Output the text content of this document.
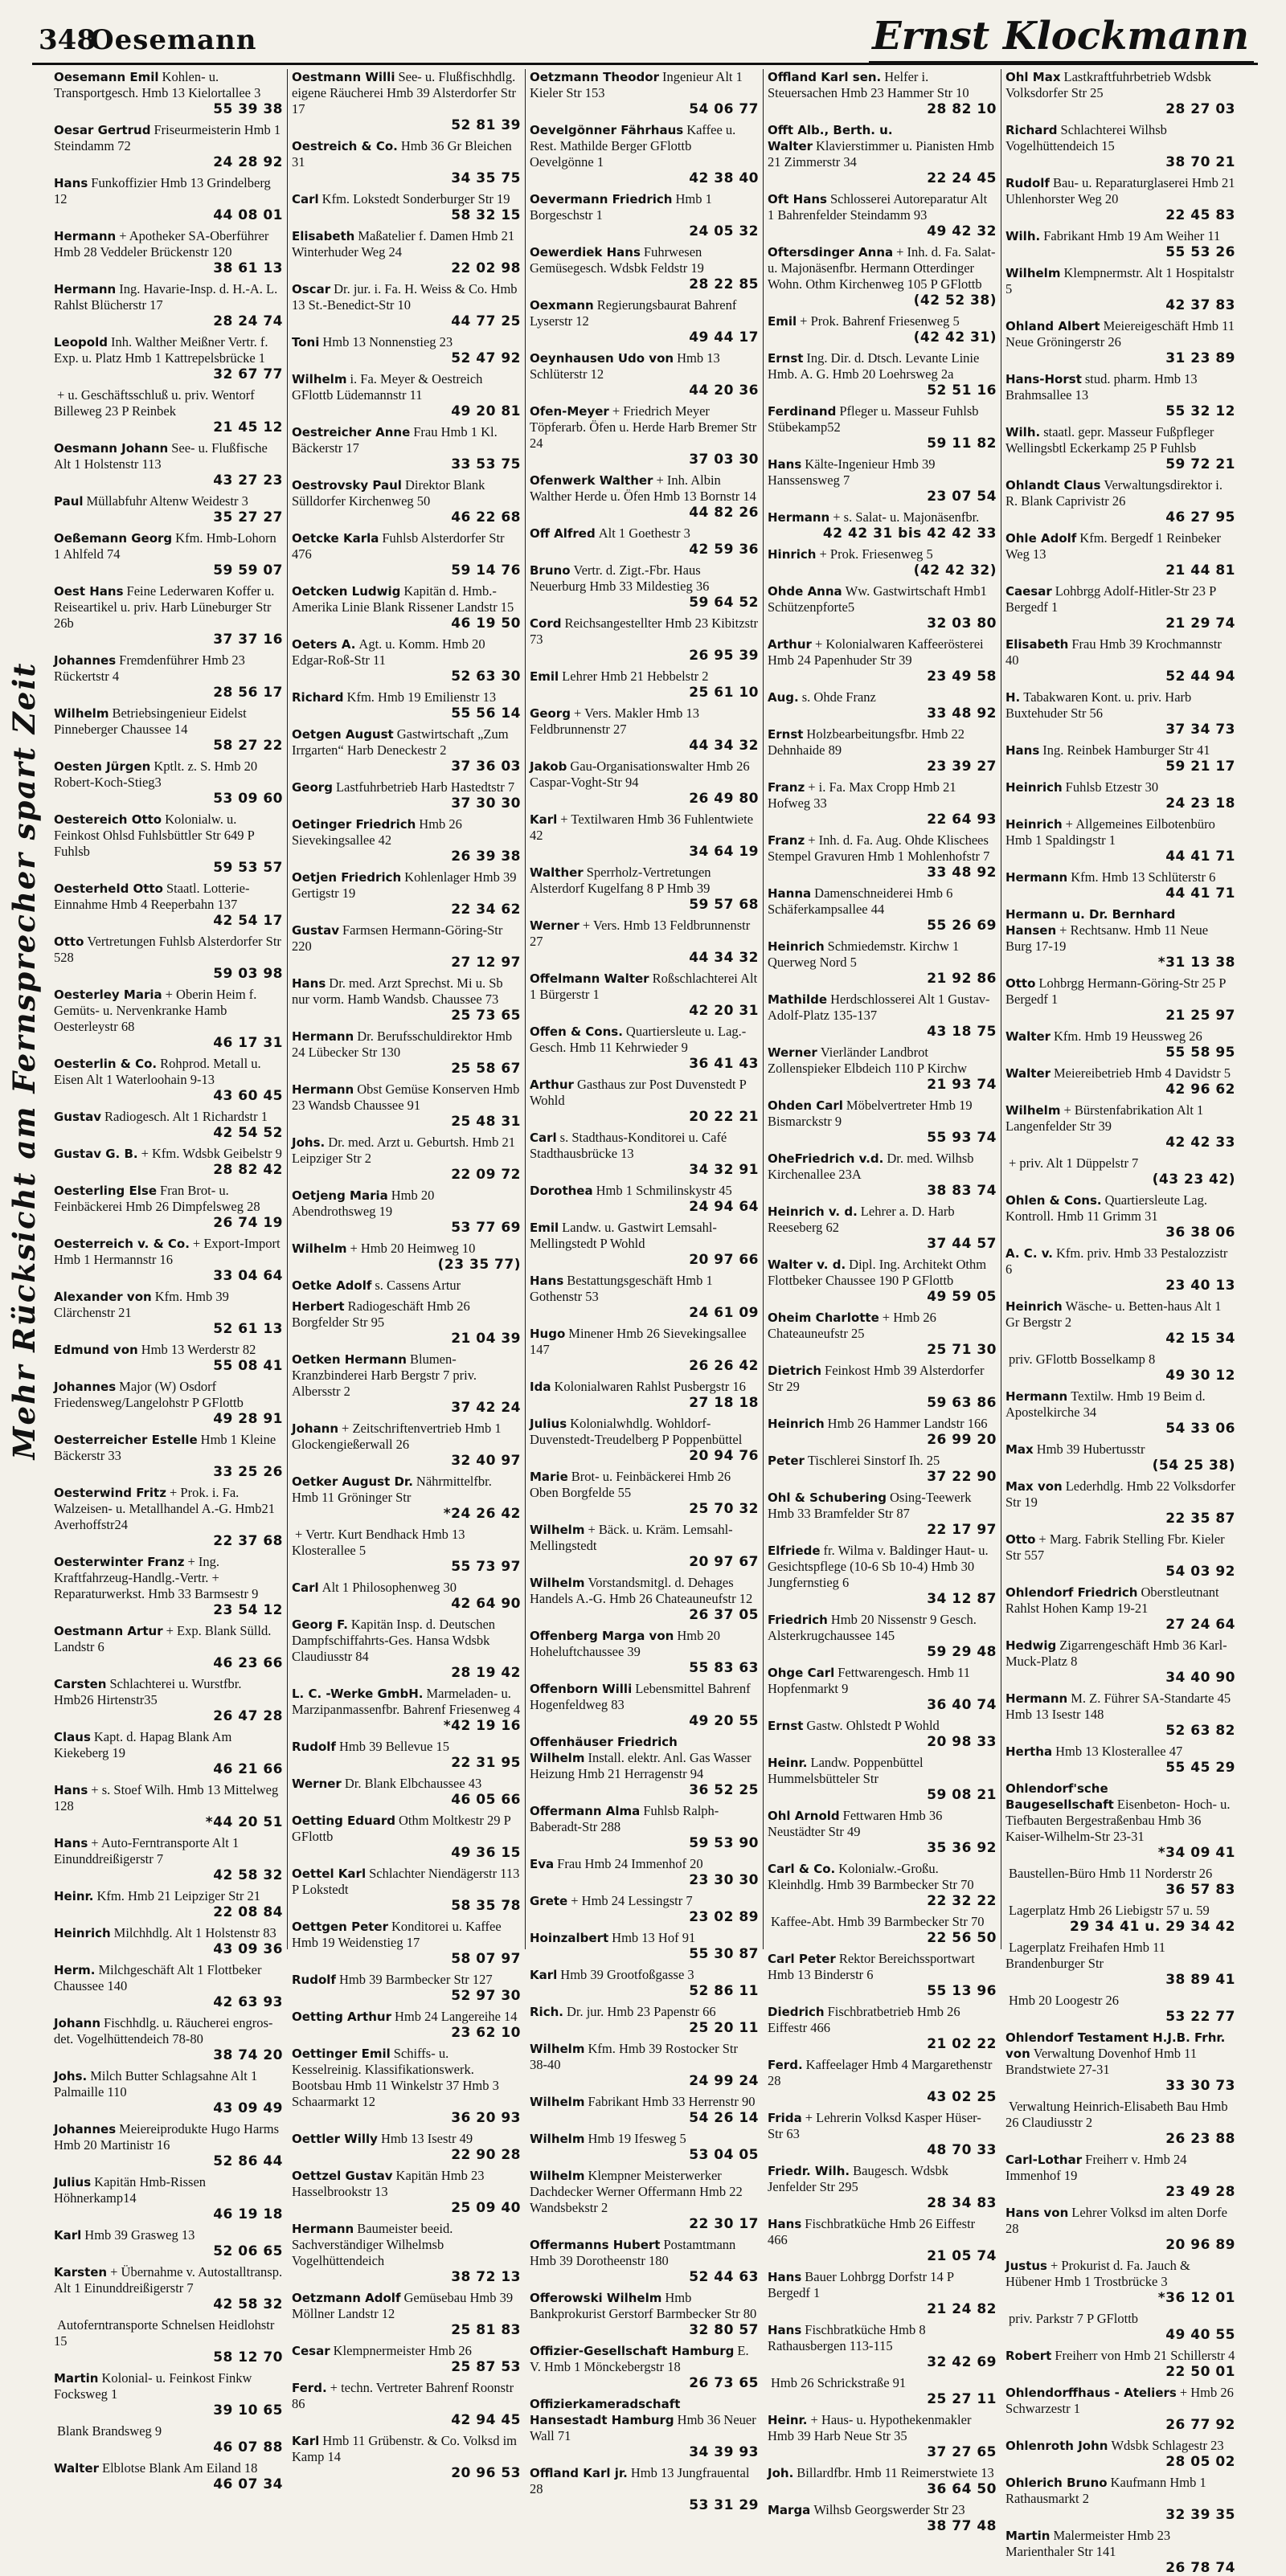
348
Oesemann	Ernst Klockmann
Mehr Rücksicht am Fernsprecher spart Zeit
Oesemann Emil Kohlen- u. Transportgesch. Hmb 13 Kielortallee 3
55 39 38
Oesar Gertrud Friseurmeisterin Hmb 1 Steindamm 72
24 28 92
Hans Funkoffizier Hmb 13 Grindelberg 12
44 08 01
Hermann + Apotheker SA-Oberführer Hmb 28 Veddeler Brückenstr 120
38 61 13
Hermann Ing. Havarie-Insp. d. H.-A. L. Rahlst Blücherstr 17
28 24 74
Leopold Inh. Walther Meißner Vertr. f. Exp. u. Platz Hmb 1 Kattrepelsbrücke 1
32 67 77
+ u. Geschäftsschluß u. priv. Wentorf Billeweg 23 P Reinbek
21 45 12
Oesmann Johann See- u. Flußfische Alt 1 Holstenstr 113
43 27 23
Paul Müllabfuhr Altenw Weidestr 3
35 27 27
Oeßemann Georg Kfm. Hmb-Lohorn 1 Ahlfeld 74
59 59 07
Oest Hans Feine Lederwaren Koffer u. Reiseartikel u. priv. Harb Lüneburger Str 26b
37 37 16
Johannes Fremdenführer Hmb 23 Rückertstr 4
28 56 17
Wilhelm Betriebsingenieur Eidelst Pinneberger Chaussee 14
58 27 22
Oesten Jürgen Kptlt. z. S. Hmb 20 Robert-Koch-Stieg3
53 09 60
Oestereich Otto Kolonialw. u. Feinkost Ohlsd Fuhlsbüttler Str 649 P Fuhlsb
59 53 57
Oesterheld Otto Staatl. Lotterie-Einnahme Hmb 4 Reeperbahn 137
42 54 17
Otto Vertretungen Fuhlsb Alsterdorfer Str 528
59 03 98
Oesterley Maria + Oberin Heim f. Gemüts- u. Nervenkranke Hamb Oesterleystr 68
46 17 31
Oesterlin & Co. Rohprod. Metall u. Eisen Alt 1 Waterloohain 9-13
43 60 45
Gustav Radiogesch. Alt 1 Richardstr 1
42 54 52
Gustav G. B. + Kfm. Wdsbk Geibelstr 9
28 82 42
Oesterling Else Fran Brot- u. Feinbäckerei Hmb 26 Dimpfelsweg 28
26 74 19
Oesterreich v. & Co. + Export-Import Hmb 1 Hermannstr 16
33 04 64
Alexander von Kfm. Hmb 39 Clärchenstr 21
52 61 13
Edmund von Hmb 13 Werderstr 82
55 08 41
Johannes Major (W) Osdorf Friedensweg/Langelohstr P GFlottb
49 28 91
Oesterreicher Estelle Hmb 1 Kleine Bäckerstr 33
33 25 26
Oesterwind Fritz + Prok. i. Fa. Walzeisen- u. Metallhandel A.-G. Hmb21 Averhoffstr24
22 37 68
Oesterwinter Franz + Ing. Kraftfahrzeug-Handlg.-Vertr. + Reparaturwerkst. Hmb 33 Barmsestr 9
23 54 12
Oestmann Artur + Exp. Blank Sülld. Landstr 6
46 23 66
Carsten Schlachterei u. Wurstfbr. Hmb26 Hirtenstr35
26 47 28
Claus Kapt. d. Hapag Blank Am Kiekeberg 19
46 21 66
Hans + s. Stoef Wilh. Hmb 13 Mittelweg 128
*44 20 51
Hans + Auto-Ferntransporte Alt 1 Einunddreißigerstr 7
42 58 32
Heinr. Kfm. Hmb 21 Leipziger Str 21
22 08 84
Heinrich Milchhdlg. Alt 1 Holstenstr 83
43 09 36
Herm. Milchgeschäft Alt 1 Flottbeker Chaussee 140
42 63 93
Johann Fischhdlg. u. Räucherei engros-det. Vogelhüttendeich 78-80
38 74 20
Johs. Milch Butter Schlagsahne Alt 1 Palmaille 110
43 09 49
Johannes Meiereiprodukte Hugo Harms Hmb 20 Martinistr 16
52 86 44
Julius Kapitän Hmb-Rissen Höhnerkamp14
46 19 18
Karl Hmb 39 Grasweg 13
52 06 65
Karsten + Übernahme v. Autostalltransp. Alt 1 Einunddreißigerstr 7
42 58 32
Autoferntransporte Schnelsen Heidlohstr 15
58 12 70
Martin Kolonial- u. Feinkost Finkw Focksweg 1
39 10 65
Blank Brandsweg 9
46 07 88
Walter Elblotse Blank Am Eiland 18
46 07 34
Oestmann Willi See- u. Flußfischhdlg. eigene Räucherei Hmb 39 Alsterdorfer Str 17
52 81 39
Oestreich & Co. Hmb 36 Gr Bleichen 31
34 35 75
Carl Kfm. Lokstedt Sonderburger Str 19
58 32 15
Elisabeth Maßatelier f. Damen Hmb 21 Winterhuder Weg 24
22 02 98
Oscar Dr. jur. i. Fa. H. Weiss & Co. Hmb 13 St.-Benedict-Str 10
44 77 25
Toni Hmb 13 Nonnenstieg 23
52 47 92
Wilhelm i. Fa. Meyer & Oestreich GFlottb Lüdemannstr 11
49 20 81
Oestreicher Anne Frau Hmb 1 Kl. Bäckerstr 17
33 53 75
Oestrovsky Paul Direktor Blank Sülldorfer Kirchenweg 50
46 22 68
Oetcke Karla Fuhlsb Alsterdorfer Str 476
59 14 76
Oetcken Ludwig Kapitän d. Hmb.-Amerika Linie Blank Rissener Landstr 15
46 19 50
Oeters A. Agt. u. Komm. Hmb 20 Edgar-Roß-Str 11
52 63 30
Richard Kfm. Hmb 19 Emilienstr 13
55 56 14
Oetgen August Gastwirtschaft „Zum Irrgarten“ Harb Deneckestr 2
37 36 03
Georg Lastfuhrbetrieb Harb Hastedtstr 7
37 30 30
Oetinger Friedrich Hmb 26 Sievekingsallee 42
26 39 38
Oetjen Friedrich Kohlenlager Hmb 39 Gertigstr 19
22 34 62
Gustav Farmsen Hermann-Göring-Str 220
27 12 97
Hans Dr. med. Arzt Sprechst. Mi u. Sb nur vorm. Hamb Wandsb. Chaussee 73
25 73 65
Hermann Dr. Berufsschuldirektor Hmb 24 Lübecker Str 130
25 58 67
Hermann Obst Gemüse Konserven Hmb 23 Wandsb Chaussee 91
25 48 31
Johs. Dr. med. Arzt u. Geburtsh. Hmb 21 Leipziger Str 2
22 09 72
Oetjeng Maria Hmb 20 Abendrothsweg 19
53 77 69
Wilhelm + Hmb 20 Heimweg 10
(23 35 77)
Oetke Adolf s. Cassens Artur
Herbert Radiogeschäft Hmb 26 Borgfelder Str 95
21 04 39
Oetken Hermann Blumen- Kranzbinderei Harb Bergstr 7 priv. Albersstr 2
37 42 24
Johann + Zeitschriftenvertrieb Hmb 1 Glockengießerwall 26
32 40 97
Oetker August Dr. Nährmittelfbr. Hmb 11 Gröninger Str
*24 26 42
+ Vertr. Kurt Bendhack Hmb 13 Klosterallee 5
55 73 97
Carl Alt 1 Philosophenweg 30
42 64 90
Georg F. Kapitän Insp. d. Deutschen Dampfschiffahrts-Ges. Hansa Wdsbk Claudiusstr 84
28 19 42
L. C. -Werke GmbH. Marmeladen- u. Marzipanmassenfbr. Bahrenf Friesenweg 4
*42 19 16
Rudolf Hmb 39 Bellevue 15
22 31 95
Werner Dr. Blank Elbchaussee 43
46 05 66
Oetting Eduard Othm Moltkestr 29 P GFlottb
49 36 15
Oettel Karl Schlachter Niendägerstr 113 P Lokstedt
58 35 78
Oettgen Peter Konditorei u. Kaffee Hmb 19 Weidenstieg 17
58 07 97
Rudolf Hmb 39 Barmbecker Str 127
52 97 30
Oetting Arthur Hmb 24 Langereihe 14
23 62 10
Oettinger Emil Schiffs- u. Kesselreinig. Klassifikationswerk. Bootsbau Hmb 11 Winkelstr 37 Hmb 3 Schaarmarkt 12
36 20 93
Oettler Willy Hmb 13 Isestr 49
22 90 28
Oettzel Gustav Kapitän Hmb 23 Hasselbrookstr 13
25 09 40
Hermann Baumeister beeid. Sachverständiger Wilhelmsb Vogelhüttendeich
38 72 13
Oetzmann Adolf Gemüsebau Hmb 39 Möllner Landstr 12
25 81 83
Cesar Klempnermeister Hmb 26
25 87 53
Ferd. + techn. Vertreter Bahrenf Roonstr 86
42 94 45
Karl Hmb 11 Grübenstr. & Co. Volksd im Kamp 14
20 96 53
Oetzmann Theodor Ingenieur Alt 1 Kieler Str 153
54 06 77
Oevelgönner Fährhaus Kaffee u. Rest. Mathilde Berger GFlottb Oevelgönne 1
42 38 40
Oevermann Friedrich Hmb 1 Borgeschstr 1
24 05 32
Oewerdiek Hans Fuhrwesen Gemüsegesch. Wdsbk Feldstr 19
28 22 85
Oexmann Regierungsbaurat Bahrenf Lyserstr 12
49 44 17
Oeynhausen Udo von Hmb 13 Schlüterstr 12
44 20 36
Ofen-Meyer + Friedrich Meyer Töpferarb. Öfen u. Herde Harb Bremer Str 24
37 03 30
Ofenwerk Walther + Inh. Albin Walther Herde u. Öfen Hmb 13 Bornstr 14
44 82 26
Off Alfred Alt 1 Goethestr 3
42 59 36
Bruno Vertr. d. Zigt.-Fbr. Haus Neuerburg Hmb 33 Mildestieg 36
59 64 52
Cord Reichsangestellter Hmb 23 Kibitzstr 73
26 95 39
Emil Lehrer Hmb 21 Hebbelstr 2
25 61 10
Georg + Vers. Makler Hmb 13 Feldbrunnenstr 27
44 34 32
Jakob Gau-Organisationswalter Hmb 26 Caspar-Voght-Str 94
26 49 80
Karl + Textilwaren Hmb 36 Fuhlentwiete 42
34 64 19
Walther Sperrholz-Vertretungen Alsterdorf Kugelfang 8 P Hmb 39
59 57 68
Werner + Vers. Hmb 13 Feldbrunnenstr 27
44 34 32
Offelmann Walter Roßschlachterei Alt 1 Bürgerstr 1
42 20 31
Offen & Cons. Quartiersleute u. Lag.-Gesch. Hmb 11 Kehrwieder 9
36 41 43
Arthur Gasthaus zur Post Duvenstedt P Wohld
20 22 21
Carl s. Stadthaus-Konditorei u. Café Stadthausbrücke 13
34 32 91
Dorothea Hmb 1 Schmilinskystr 45
24 94 64
Emil Landw. u. Gastwirt Lemsahl-Mellingstedt P Wohld
20 97 66
Hans Bestattungsgeschäft Hmb 1 Gothenstr 53
24 61 09
Hugo Minener Hmb 26 Sievekingsallee 147
26 26 42
Ida Kolonialwaren Rahlst Pusbergstr 16
27 18 18
Julius Kolonialwhdlg. Wohldorf-Duvenstedt-Treudelberg P Poppenbüttel
20 94 76
Marie Brot- u. Feinbäckerei Hmb 26 Oben Borgfelde 55
25 70 32
Wilhelm + Bäck. u. Kräm. Lemsahl-Mellingstedt
20 97 67
Wilhelm Vorstandsmitgl. d. Dehages Handels A.-G. Hmb 26 Chateauneufstr 12
26 37 05
Offenberg Marga von Hmb 20 Hoheluftchaussee 39
55 83 63
Offenborn Willi Lebensmittel Bahrenf Hogenfeldweg 83
49 20 55
Offenhäuser Friedrich Wilhelm Install. elektr. Anl. Gas Wasser Heizung Hmb 21 Herragenstr 94
36 52 25
Offermann Alma Fuhlsb Ralph-Baberadt-Str 288
59 53 90
Eva Frau Hmb 24 Immenhof 20
23 30 30
Grete + Hmb 24 Lessingstr 7
23 02 89
Hoinzalbert Hmb 13 Hof 91
55 30 87
Karl Hmb 39 Grootfoßgasse 3
52 86 11
Rich. Dr. jur. Hmb 23 Papenstr 66
25 20 11
Wilhelm Kfm. Hmb 39 Rostocker Str 38-40
24 99 24
Wilhelm Fabrikant Hmb 33 Herrenstr 90
54 26 14
Wilhelm Hmb 19 Ifesweg 5
53 04 05
Wilhelm Klempner Meisterwerker Dachdecker Werner Offermann Hmb 22 Wandsbekstr 2
22 30 17
Offermanns Hubert Postamtmann Hmb 39 Dorotheenstr 180
52 44 63
Offerowski Wilhelm Hmb Bankprokurist Gerstorf Barmbecker Str 80
32 80 57
Offizier-Gesellschaft Hamburg E. V. Hmb 1 Mönckebergstr 18
26 73 65
Offizierkameradschaft Hansestadt Hamburg Hmb 36 Neuer Wall 71
34 39 93
Offland Karl jr. Hmb 13 Jungfrauental 28
53 31 29
Offland Karl sen. Helfer i. Steuersachen Hmb 23 Hammer Str 10
28 82 10
Offt Alb., Berth. u. Walter Klavierstimmer u. Pianisten Hmb 21 Zimmerstr 34
22 24 45
Oft Hans Schlosserei Autoreparatur Alt 1 Bahrenfelder Steindamm 93
49 42 32
Oftersdinger Anna + Inh. d. Fa. Salat- u. Majonäsenfbr. Hermann Otterdinger Wohn. Othm Kirchenweg 105 P GFlottb
(42 52 38)
Emil + Prok. Bahrenf Friesenweg 5
(42 42 31)
Ernst Ing. Dir. d. Dtsch. Levante Linie Hmb. A. G. Hmb 20 Loehrsweg 2a
52 51 16
Ferdinand Pfleger u. Masseur Fuhlsb Stübekamp52
59 11 82
Hans Kälte-Ingenieur Hmb 39 Hanssensweg 7
23 07 54
Hermann + s. Salat- u. Majonäsenfbr.
42 42 31 bis 42 42 33
Hinrich + Prok. Friesenweg 5
(42 42 32)
Ohde Anna Ww. Gastwirtschaft Hmb1 Schützenpforte5
32 03 80
Arthur + Kolonialwaren Kaffeerösterei Hmb 24 Papenhuder Str 39
23 49 58
Aug. s. Ohde Franz
33 48 92
Ernst Holzbearbeitungsfbr. Hmb 22 Dehnhaide 89
23 39 27
Franz + i. Fa. Max Cropp Hmb 21 Hofweg 33
22 64 93
Franz + Inh. d. Fa. Aug. Ohde Klischees Stempel Gravuren Hmb 1 Mohlenhofstr 7
33 48 92
Hanna Damenschneiderei Hmb 6 Schäferkampsallee 44
55 26 69
Heinrich Schmiedemstr. Kirchw 1 Querweg Nord 5
21 92 86
Mathilde Herdschlosserei Alt 1 Gustav-Adolf-Platz 135-137
43 18 75
Werner Vierländer Landbrot Zollenspieker Elbdeich 110 P Kirchw
21 93 74
Ohden Carl Möbelvertreter Hmb 19 Bismarckstr 9
55 93 74
OheFriedrich v.d. Dr. med. Wilhsb Kirchenallee 23A
38 83 74
Heinrich v. d. Lehrer a. D. Harb Reeseberg 62
37 44 57
Walter v. d. Dipl. Ing. Architekt Othm Flottbeker Chaussee 190 P GFlottb
49 59 05
Oheim Charlotte + Hmb 26 Chateauneufstr 25
25 71 30
Dietrich Feinkost Hmb 39 Alsterdorfer Str 29
59 63 86
Heinrich Hmb 26 Hammer Landstr 166
26 99 20
Peter Tischlerei Sinstorf Ih. 25
37 22 90
Ohl & Schubering Osing-Teewerk Hmb 33 Bramfelder Str 87
22 17 97
Elfriede fr. Wilma v. Baldinger Haut- u. Gesichtspflege (10-6 Sb 10-4) Hmb 30 Jungfernstieg 6
34 12 87
Friedrich Hmb 20 Nissenstr 9 Gesch. Alsterkrugchaussee 145
59 29 48
Ohge Carl Fettwarengesch. Hmb 11 Hopfenmarkt 9
36 40 74
Ernst Gastw. Ohlstedt P Wohld
20 98 33
Heinr. Landw. Poppenbüttel Hummelsbütteler Str
59 08 21
Ohl Arnold Fettwaren Hmb 36 Neustädter Str 49
35 36 92
Carl & Co. Kolonialw.-Großu. Kleinhdlg. Hmb 39 Barmbecker Str 70
22 32 22
Kaffee-Abt. Hmb 39 Barmbecker Str 70
22 56 50
Carl Peter Rektor Bereichssportwart Hmb 13 Binderstr 6
55 13 96
Diedrich Fischbratbetrieb Hmb 26 Eiffestr 466
21 02 22
Ferd. Kaffeelager Hmb 4 Margarethenstr 28
43 02 25
Frida + Lehrerin Volksd Kasper Hüser-Str 63
48 70 33
Friedr. Wilh. Baugesch. Wdsbk Jenfelder Str 295
28 34 83
Hans Fischbratküche Hmb 26 Eiffestr 466
21 05 74
Hans Bauer Lohbrgg Dorfstr 14 P Bergedf 1
21 24 82
Hans Fischbratküche Hmb 8 Rathausbergen 113-115
32 42 69
Hmb 26 Schrickstraße 91
25 27 11
Heinr. + Haus- u. Hypothekenmakler Hmb 39 Harb Neue Str 35
37 27 65
Joh. Billardfbr. Hmb 11 Reimerstwiete 13
36 64 50
Marga Wilhsb Georgswerder Str 23
38 77 48
Ohl Max Lastkraftfuhrbetrieb Wdsbk Volksdorfer Str 25
28 27 03
Richard Schlachterei Wilhsb Vogelhüttendeich 15
38 70 21
Rudolf Bau- u. Reparaturglaserei Hmb 21 Uhlenhorster Weg 20
22 45 83
Wilh. Fabrikant Hmb 19 Am Weiher 11
55 53 26
Wilhelm Klempnermstr. Alt 1 Hospitalstr 5
42 37 83
Ohland Albert Meiereigeschäft Hmb 11 Neue Gröningerstr 26
31 23 89
Hans-Horst stud. pharm. Hmb 13 Brahmsallee 13
55 32 12
Wilh. staatl. gepr. Masseur Fußpfleger Wellingsbtl Eckerkamp 25 P Fuhlsb
59 72 21
Ohlandt Claus Verwaltungsdirektor i. R. Blank Caprivistr 26
46 27 95
Ohle Adolf Kfm. Bergedf 1 Reinbeker Weg 13
21 44 81
Caesar Lohbrgg Adolf-Hitler-Str 23 P Bergedf 1
21 29 74
Elisabeth Frau Hmb 39 Krochmannstr 40
52 44 94
H. Tabakwaren Kont. u. priv. Harb Buxtehuder Str 56
37 34 73
Hans Ing. Reinbek Hamburger Str 41
59 21 17
Heinrich Fuhlsb Etzestr 30
24 23 18
Heinrich + Allgemeines Eilbotenbüro Hmb 1 Spaldingstr 1
44 41 71
Hermann Kfm. Hmb 13 Schlüterstr 6
44 41 71
Hermann u. Dr. Bernhard Hansen + Rechtsanw. Hmb 11 Neue Burg 17-19
*31 13 38
Otto Lohbrgg Hermann-Göring-Str 25 P Bergedf 1
21 25 97
Walter Kfm. Hmb 19 Heussweg 26
55 58 95
Walter Meiereibetrieb Hmb 4 Davidstr 5
42 96 62
Wilhelm + Bürstenfabrikation Alt 1 Langenfelder Str 39
42 42 33
+ priv. Alt 1 Düppelstr 7
(43 23 42)
Ohlen & Cons. Quartiersleute Lag. Kontroll. Hmb 11 Grimm 31
36 38 06
A. C. v. Kfm. priv. Hmb 33 Pestalozzistr 6
23 40 13
Heinrich Wäsche- u. Betten-haus Alt 1 Gr Bergstr 2
42 15 34
priv. GFlottb Bosselkamp 8
49 30 12
Hermann Textilw. Hmb 19 Beim d. Apostelkirche 34
54 33 06
Max Hmb 39 Hubertusstr
(54 25 38)
Max von Lederhdlg. Hmb 22 Volksdorfer Str 19
22 35 87
Otto + Marg. Fabrik Stelling Fbr. Kieler Str 557
54 03 92
Ohlendorf Friedrich Oberstleutnant Rahlst Hohen Kamp 19-21
27 24 64
Hedwig Zigarrengeschäft Hmb 36 Karl-Muck-Platz 8
34 40 90
Hermann M. Z. Führer SA-Standarte 45 Hmb 13 Isestr 148
52 63 82
Hertha Hmb 13 Klosterallee 47
55 45 29
Ohlendorf'sche Baugesellschaft Eisenbeton- Hoch- u. Tiefbauten Bergestraßenbau Hmb 36 Kaiser-Wilhelm-Str 23-31
*34 09 41
Baustellen-Büro Hmb 11 Norderstr 26
36 57 83
Lagerplatz Hmb 26 Liebigstr 57 u. 59
29 34 41 u. 29 34 42
Lagerplatz Freihafen Hmb 11 Brandenburger Str
38 89 41
Hmb 20 Loogestr 26
53 22 77
Ohlendorf Testament H.J.B. Frhr. von Verwaltung Dovenhof Hmb 11 Brandstwiete 27-31
33 30 73
Verwaltung Heinrich-Elisabeth Bau Hmb 26 Claudiusstr 2
26 23 88
Carl-Lothar Freiherr v. Hmb 24 Immenhof 19
23 49 28
Hans von Lehrer Volksd im alten Dorfe 28
20 96 89
Justus + Prokurist d. Fa. Jauch & Hübener Hmb 1 Trostbrücke 3
*36 12 01
priv. Parkstr 7 P GFlottb
49 40 55
Robert Freiherr von Hmb 21 Schillerstr 4
22 50 01
Ohlendorffhaus - Ateliers + Hmb 26 Schwarzestr 1
26 77 92
Ohlenroth John Wdsbk Schlagestr 23
28 05 02
Ohlerich Bruno Kaufmann Hmb 1 Rathausmarkt 2
32 39 35
Martin Malermeister Hmb 23 Marienthaler Str 141
26 78 74
